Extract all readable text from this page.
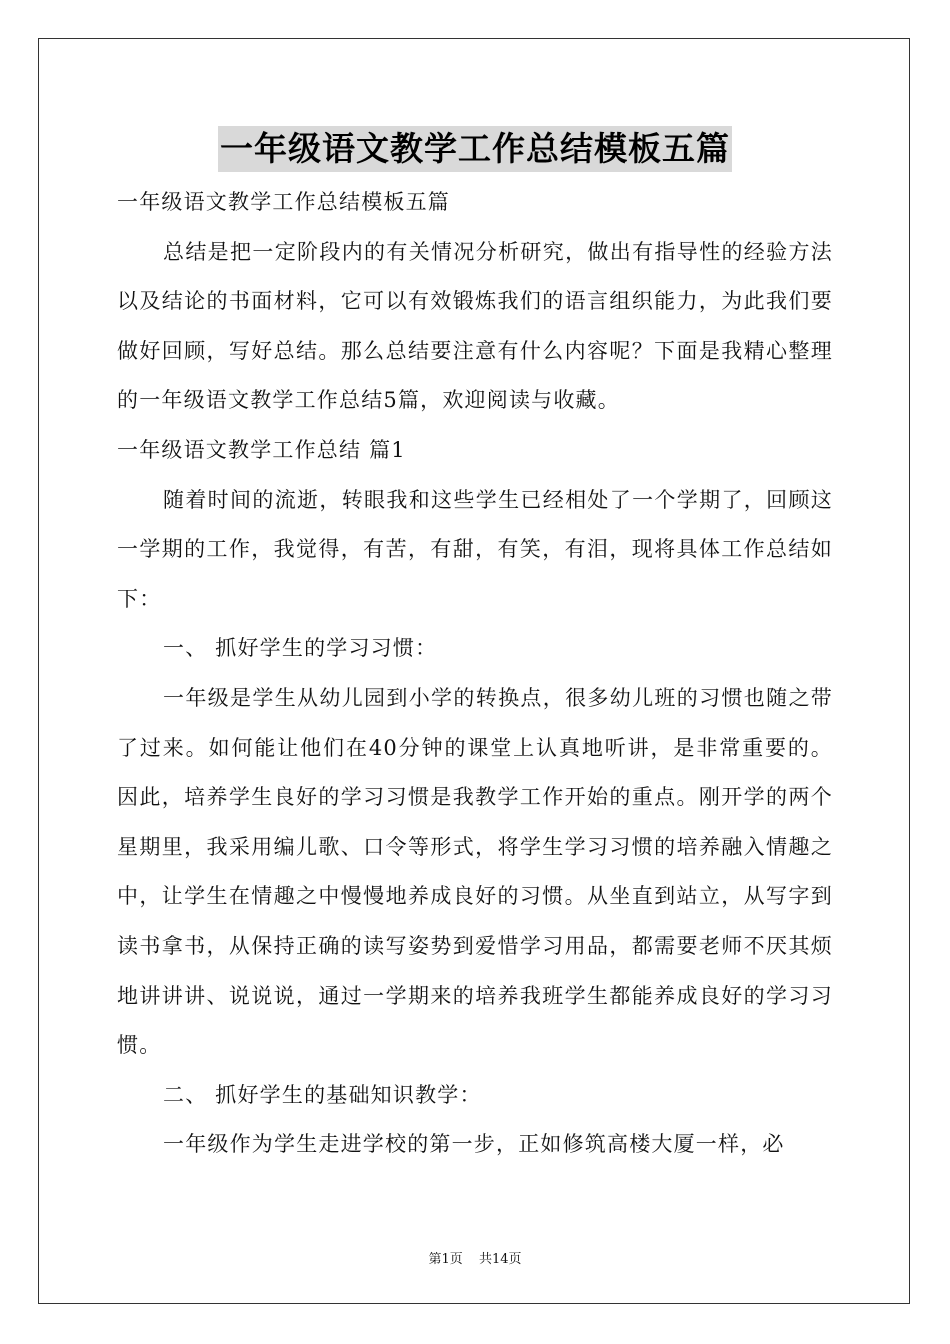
一年级语文教学工作总结模板五篇

一年级语文教学工作总结模板五篇

总结是把一定阶段内的有关情况分析研究，做出有指导性的经验方法以及结论的书面材料，它可以有效锻炼我们的语言组织能力，为此我们要做好回顾，写好总结。那么总结要注意有什么内容呢？下面是我精心整理的一年级语文教学工作总结5篇，欢迎阅读与收藏。

一年级语文教学工作总结 篇1

随着时间的流逝，转眼我和这些学生已经相处了一个学期了，回顾这一学期的工作，我觉得，有苦，有甜，有笑，有泪，现将具体工作总结如下：

一、 抓好学生的学习习惯：

一年级是学生从幼儿园到小学的转换点，很多幼儿班的习惯也随之带了过来。如何能让他们在40分钟的课堂上认真地听讲，是非常重要的。因此，培养学生良好的学习习惯是我教学工作开始的重点。刚开学的两个星期里，我采用编儿歌、口令等形式，将学生学习习惯的培养融入情趣之中，让学生在情趣之中慢慢地养成良好的习惯。从坐直到站立，从写字到读书拿书，从保持正确的读写姿势到爱惜学习用品，都需要老师不厌其烦地讲讲讲、说说说，通过一学期来的培养我班学生都能养成良好的学习习惯。

二、 抓好学生的基础知识教学：

一年级作为学生走进学校的第一步，正如修筑高楼大厦一样，必

第1页 共14页
